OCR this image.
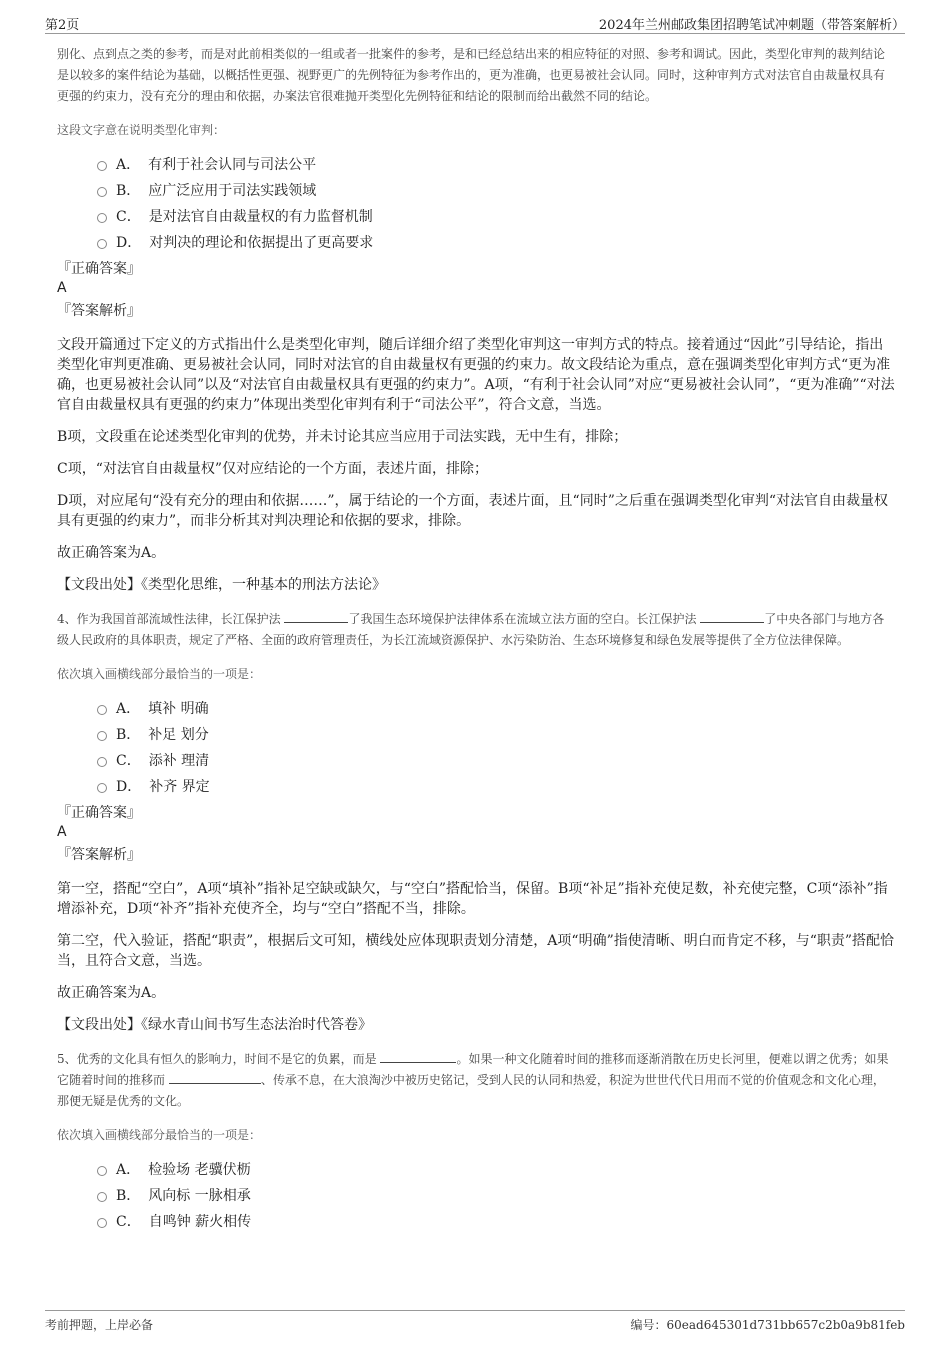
第2页	2024年兰州邮政集团招聘笔试冲刺题（带答案解析）

别化、点到点之类的参考，而是对此前相类似的一组或者一批案件的参考，是和已经总结出来的相应特征的对照、参考和调试。因此，类型化审判的裁判结论是以较多的案件结论为基础，以概括性更强、视野更广的先例特征为参考作出的，更为准确，也更易被社会认同。同时，这种审判方式对法官自由裁量权具有更强的约束力，没有充分的理由和依据，办案法官很难抛开类型化先例特征和结论的限制而给出截然不同的结论。

这段文字意在说明类型化审判：

A． 有利于社会认同与司法公平
B． 应广泛应用于司法实践领域
C． 是对法官自由裁量权的有力监督机制
D． 对判决的理论和依据提出了更高要求

『正确答案』

A

『答案解析』

文段开篇通过下定义的方式指出什么是类型化审判，随后详细介绍了类型化审判这一审判方式的特点。接着通过“因此”引导结论，指出类型化审判更准确、更易被社会认同，同时对法官的自由裁量权有更强的约束力。故文段结论为重点，意在强调类型化审判方式“更为准确，也更易被社会认同”以及“对法官自由裁量权具有更强的约束力”。A项，“有利于社会认同”对应“更易被社会认同”，“更为准确”“对法官自由裁量权具有更强的约束力”体现出类型化审判有利于“司法公平”，符合文意，当选。

B项，文段重在论述类型化审判的优势，并未讨论其应当应用于司法实践，无中生有，排除；

C项，“对法官自由裁量权”仅对应结论的一个方面，表述片面，排除；

D项，对应尾句“没有充分的理由和依据……”，属于结论的一个方面，表述片面，且“同时”之后重在强调类型化审判“对法官自由裁量权具有更强的约束力”，而非分析其对判决理论和依据的要求，排除。

故正确答案为A。

【文段出处】《类型化思维，一种基本的刑法方法论》

4、作为我国首部流域性法律，长江保护法	了我国生态环境保护法律体系在流域立法方面的空白。长江保护法	了中央各部门与地方各级人民政府的具体职责，规定了严格、全面的政府管理责任，为长江流域资源保护、水污染防治、生态环境修复和绿色发展等提供了全方位法律保障。

依次填入画横线部分最恰当的一项是：

A． 填补 明确
B． 补足 划分
C． 添补 理清
D． 补齐 界定

『正确答案』

A

『答案解析』

第一空，搭配“空白”，A项“填补”指补足空缺或缺欠，与“空白”搭配恰当，保留。B项“补足”指补充使足数，补充使完整，C项“添补”指增添补充，D项“补齐”指补充使齐全，均与“空白”搭配不当，排除。

第二空，代入验证，搭配“职责”，根据后文可知，横线处应体现职责划分清楚，A项“明确”指使清晰、明白而肯定不移，与“职责”搭配恰当，且符合文意，当选。

故正确答案为A。

【文段出处】《绿水青山间书写生态法治时代答卷》

5、优秀的文化具有恒久的影响力，时间不是它的负累，而是	。如果一种文化随着时间的推移而逐渐消散在历史长河里，便难以谓之优秀；如果它随着时间的推移而	、传承不息，在大浪淘沙中被历史铭记，受到人民的认同和热爱，积淀为世世代代日用而不觉的价值观念和文化心理，那便无疑是优秀的文化。

依次填入画横线部分最恰当的一项是：

A． 检验场 老骥伏枥
B． 风向标 一脉相承
C． 自鸣钟 薪火相传
考前押题，上岸必备	编号：60ead645301d731bb657c2b0a9b81feb
